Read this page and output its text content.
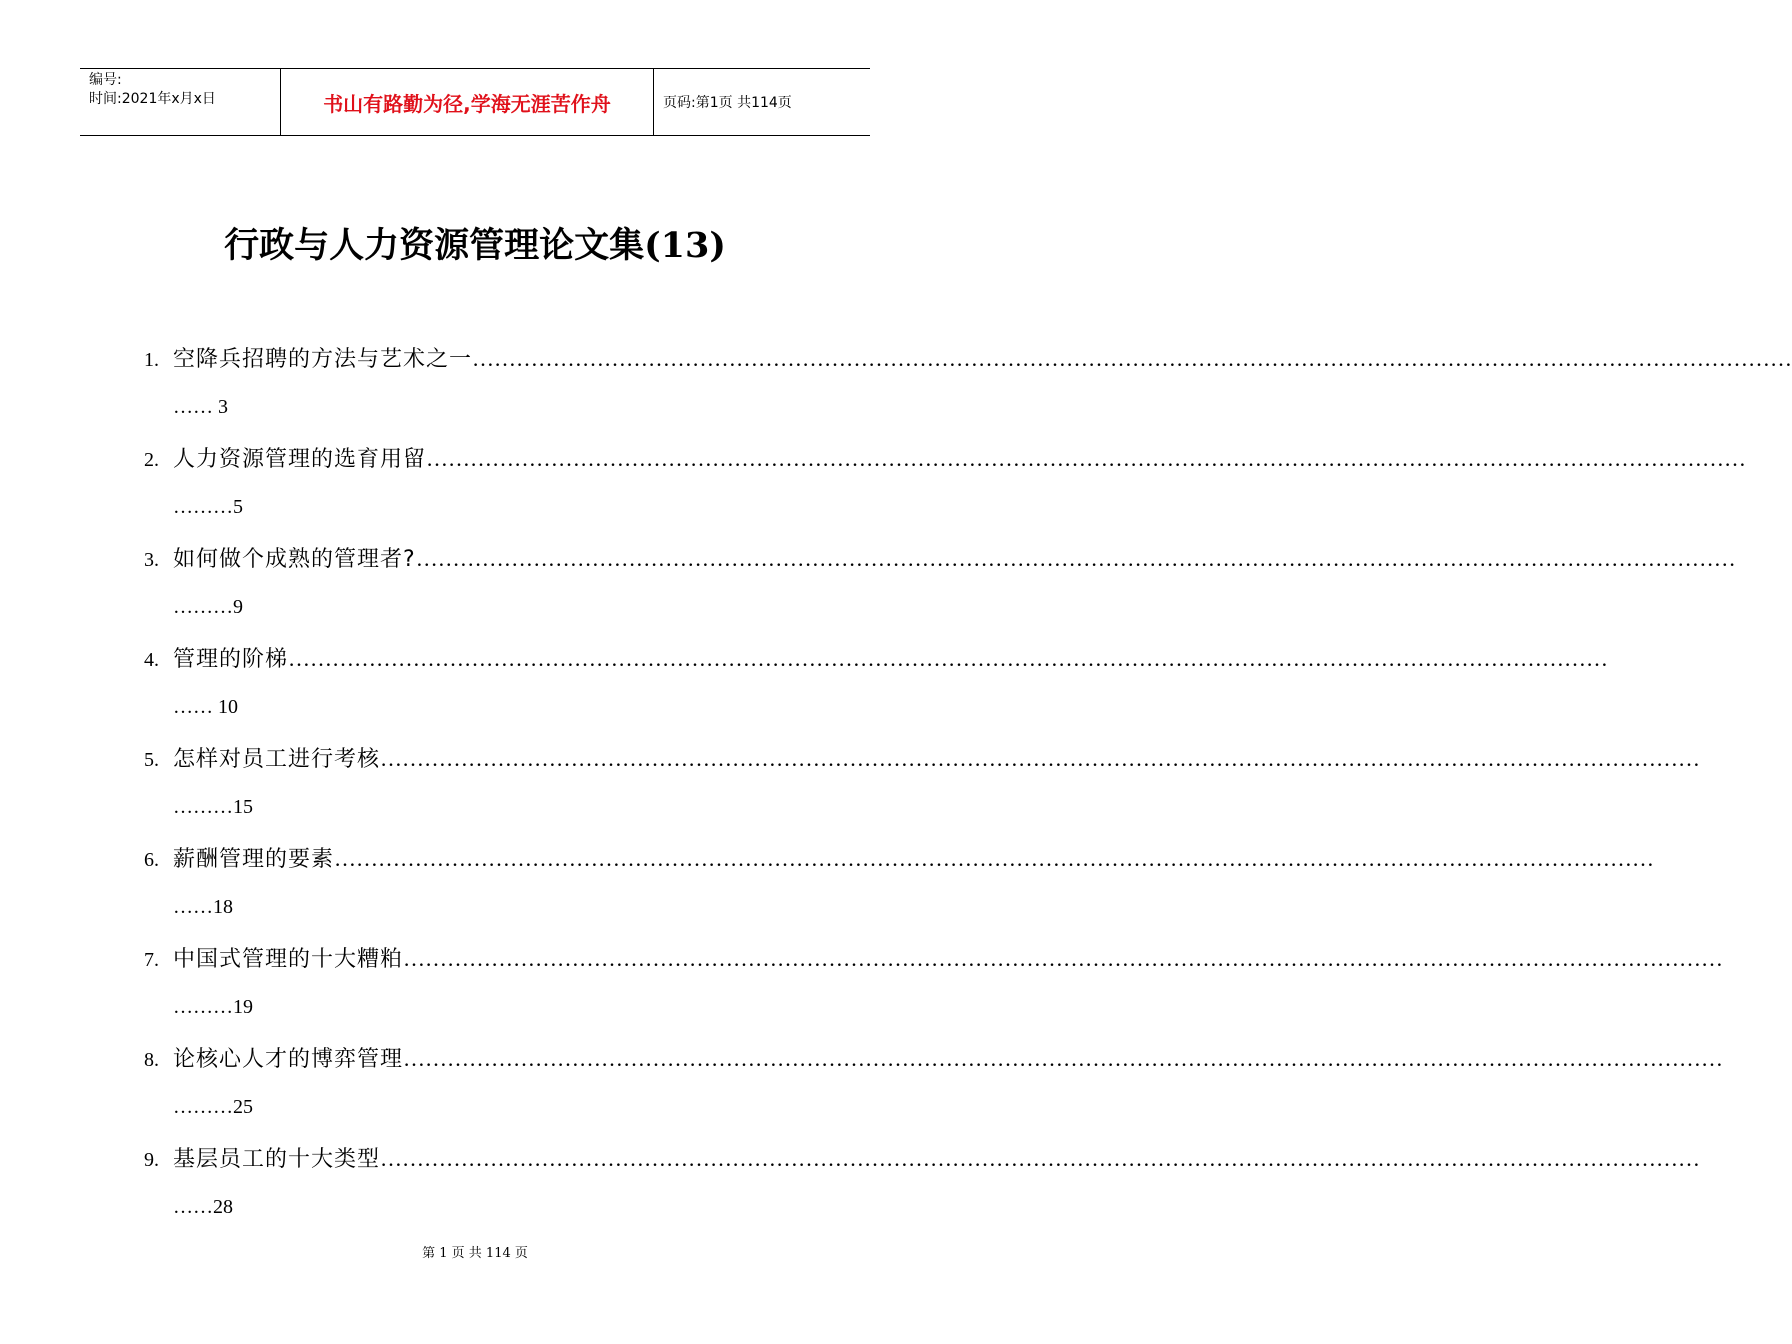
编号:
时间:2021年x月x日	书山有路勤为径,学海无涯苦作舟	页码:第1页 共114页
行政与人力资源管理论文集(13)
1. 空降兵招聘的方法与艺术之一………………………………………………………………………………………………………………………………………………………………
…… 3
2. 人力资源管理的选育用留………………………………………………………………………………………………………………………………………………………………
………5
3. 如何做个成熟的管理者?………………………………………………………………………………………………………………………………………………………………
………9
4. 管理的阶梯………………………………………………………………………………………………………………………………………………………………
…… 10
5. 怎样对员工进行考核………………………………………………………………………………………………………………………………………………………………
………15
6. 薪酬管理的要素………………………………………………………………………………………………………………………………………………………………
……18
7. 中国式管理的十大糟粕………………………………………………………………………………………………………………………………………………………………
………19
8. 论核心人才的博弈管理………………………………………………………………………………………………………………………………………………………………
………25
9. 基层员工的十大类型………………………………………………………………………………………………………………………………………………………………
……28
第 1 页 共 114 页
